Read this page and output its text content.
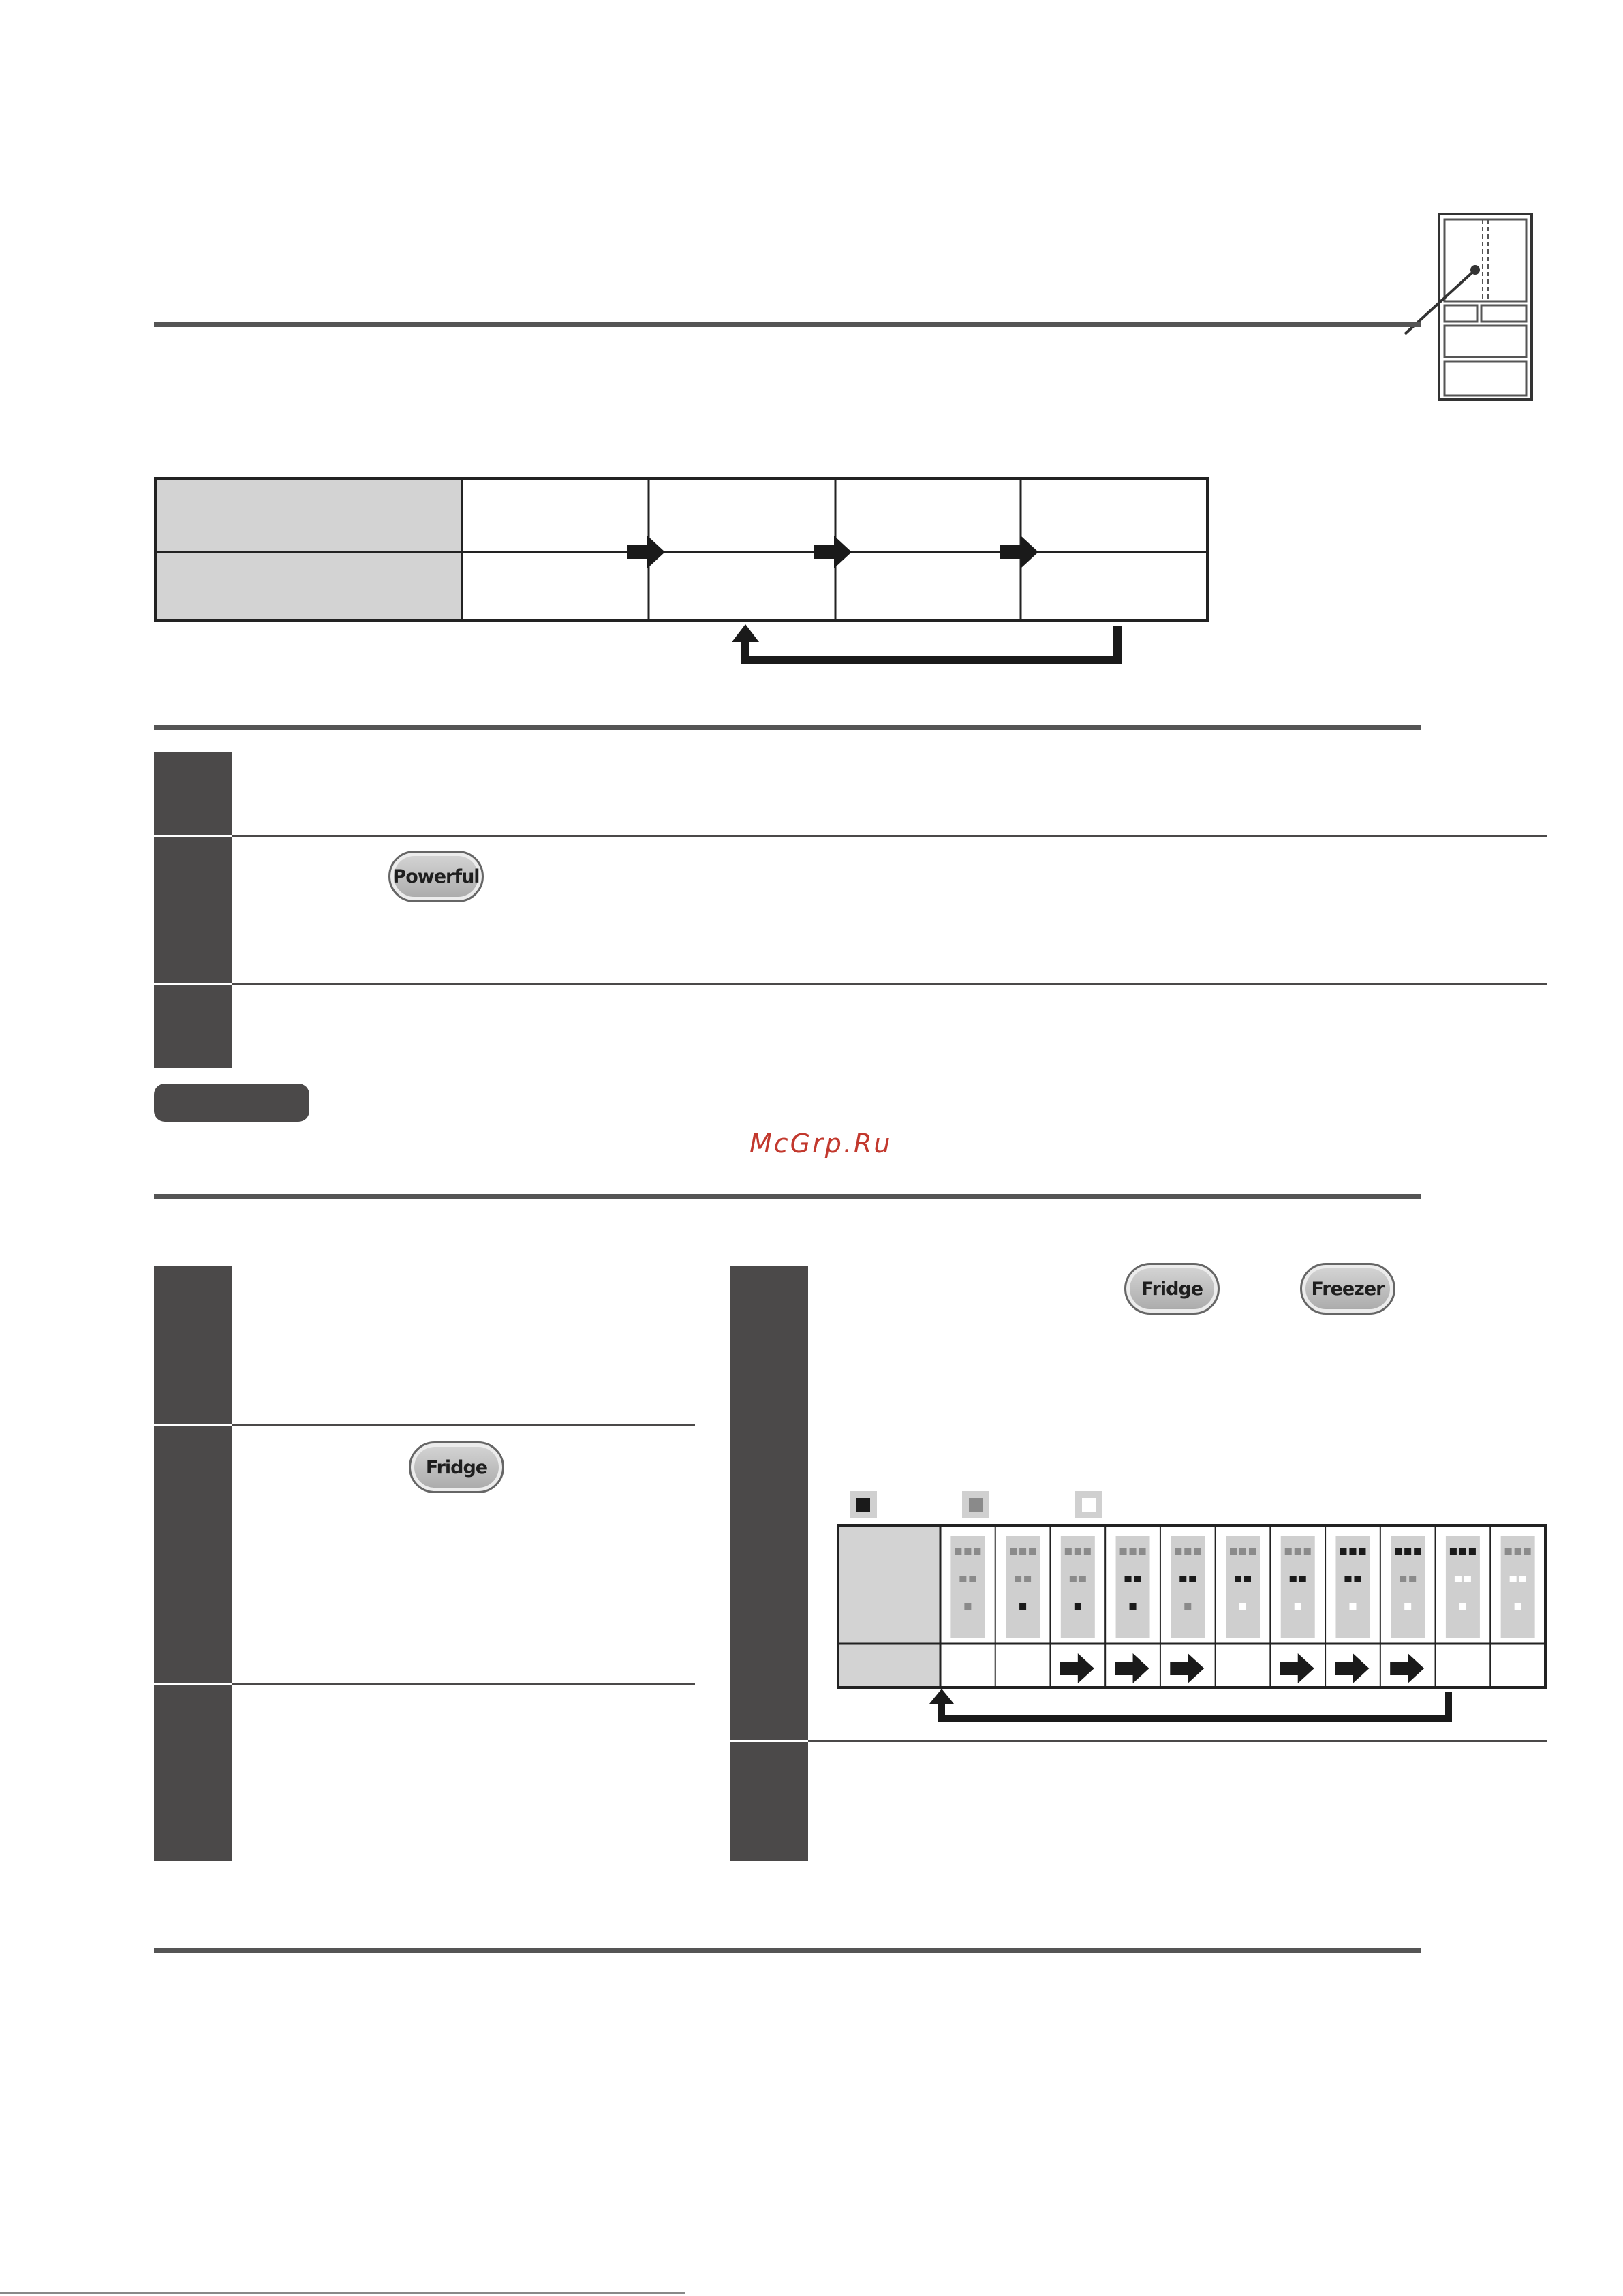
Powerful
McGrp.Ru
Fridge
Fridge	Freezer
